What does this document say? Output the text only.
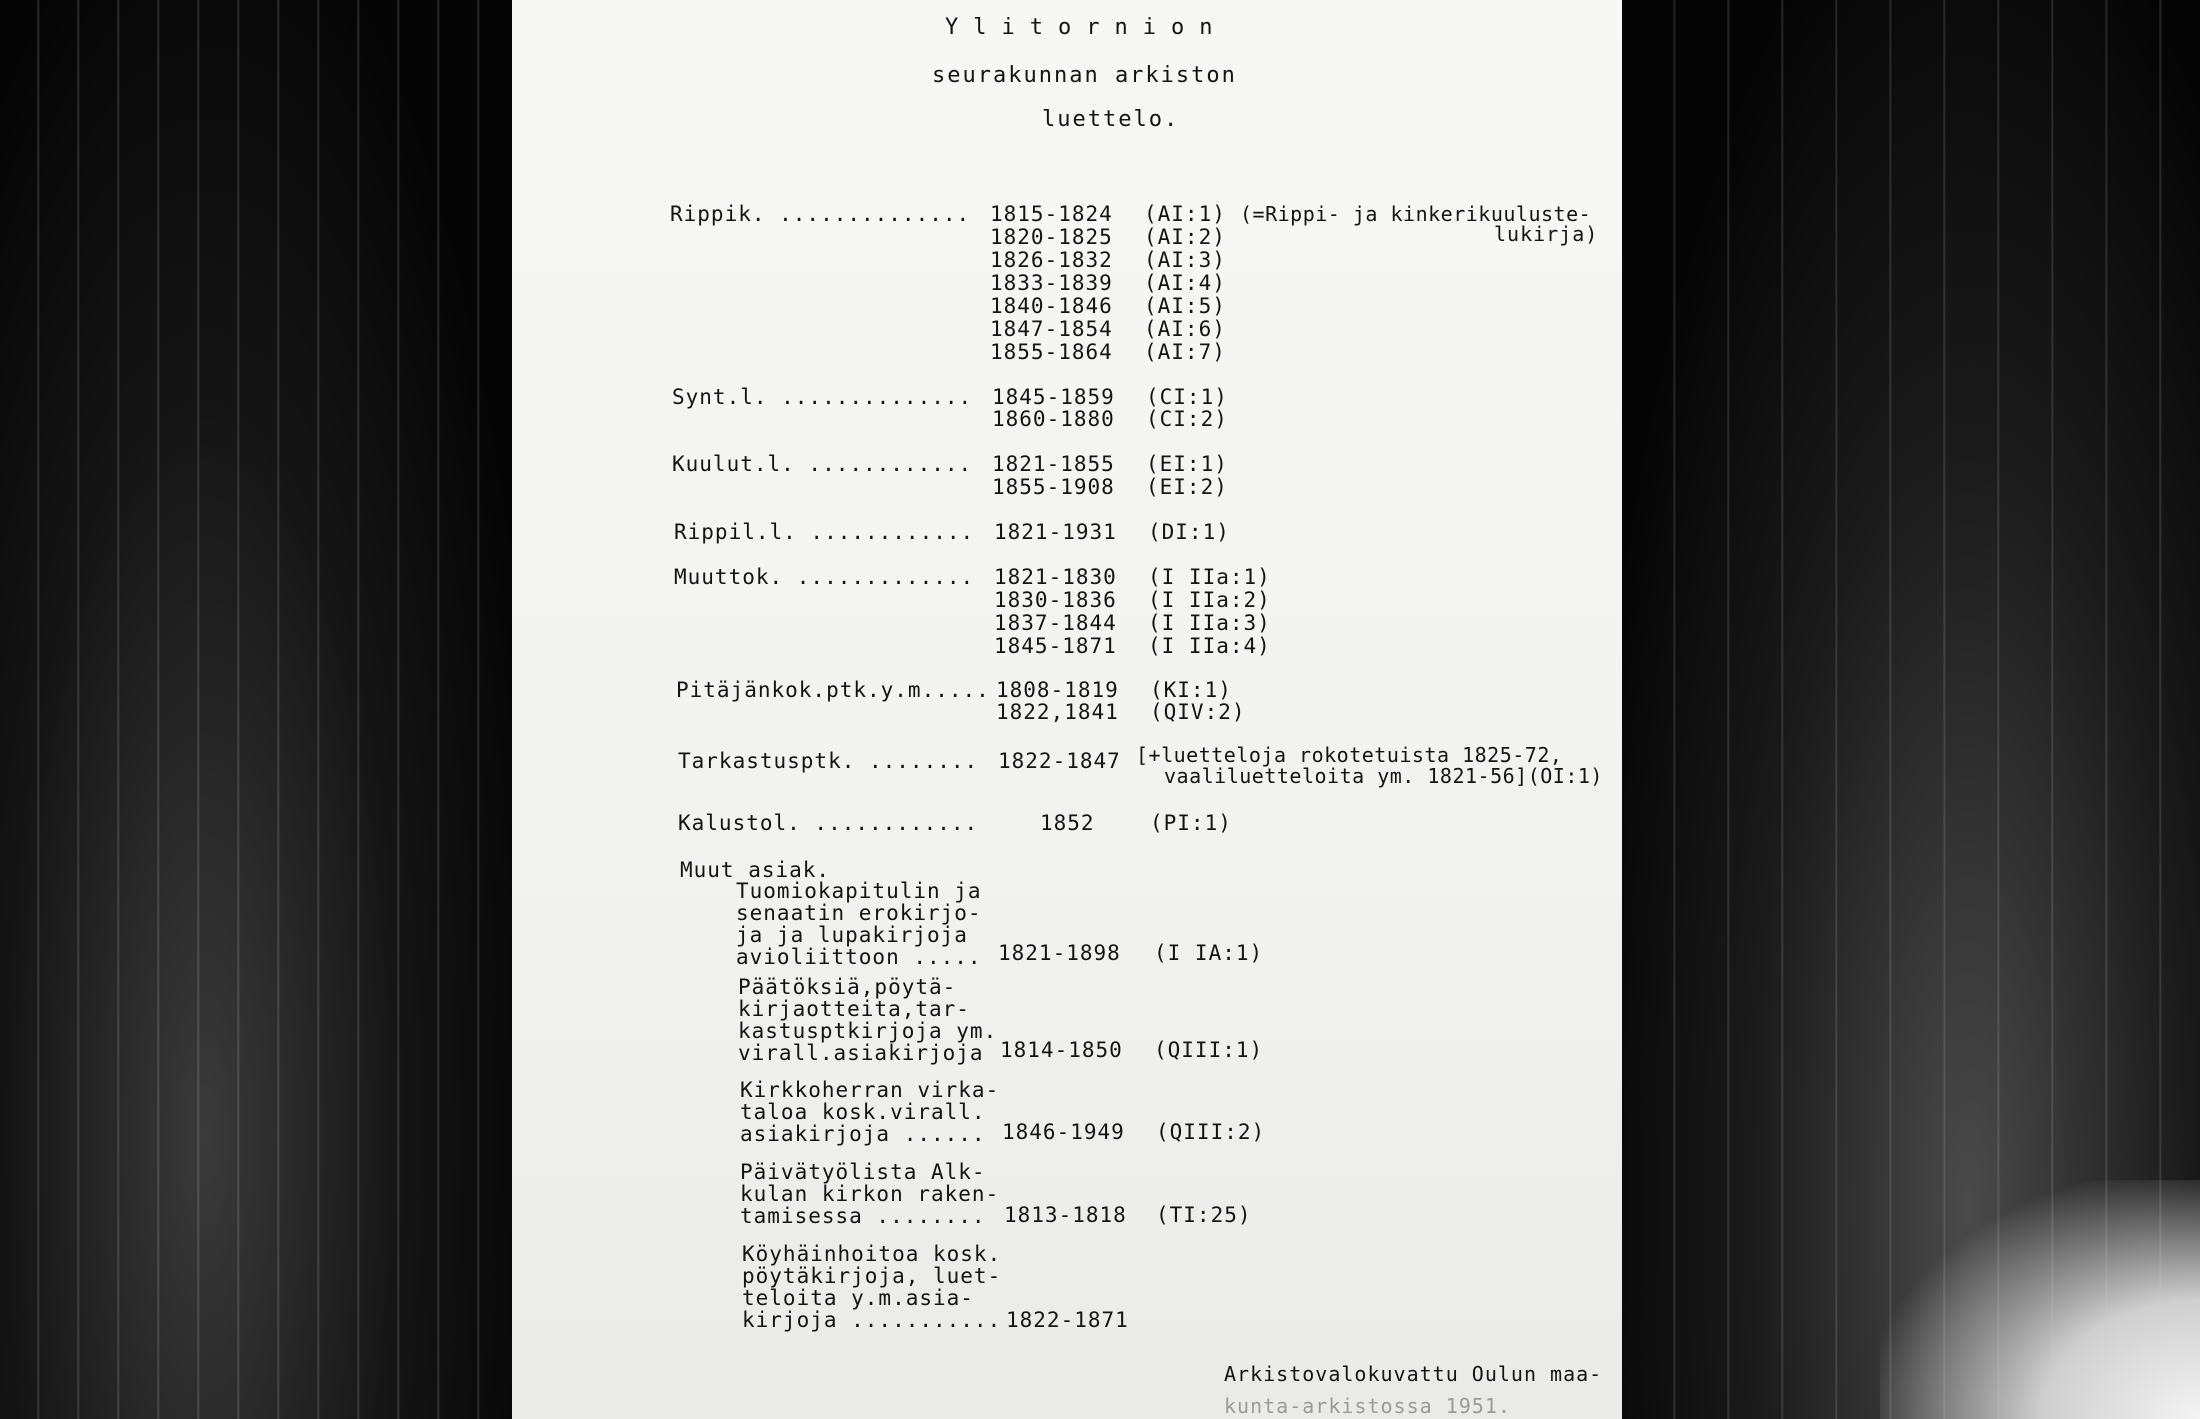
Ylitornion
seurakunnan arkiston
luettelo.
Rippik. .............. 1815-1824
1820-1825
1826-1832
1833-1839
1840-1846
1847-1854
1855-1864
(AI:1)
(AI:2)
(AI:3)
(AI:4)
(AI:5)
(AI:6)
(AI:7)
(=Rippi- ja kinkerikuulustе-
lukirja)
Synt.l. .............. 1845-1859
1860-1880
(CI:1)
(CI:2)
Kuulut.l. ............ 1821-1855
1855-1908
(EI:1)
(EI:2)
Rippil.l. ............ 1821-1931 (DI:1)
Muuttok. ............. 1821-1830
1830-1836
1837-1844
1845-1871
(I IIa:1)
(I IIa:2)
(I IIa:3)
(I IIa:4)
Pitäjänkok.ptk.y.m..... 1808-1819
1822,1841
(KI:1)
(QIV:2)
Tarkastusptk. ........ 1822-1847 [+luetteloja rokotetuista 1825-72,
vaaliluetteloita ym. 1821-56](OI:1)
Kalustol. ............	1852	(PI:1)
Muut asiak.
Tuomiokapitulin ja
senaatin erokirjo-
ja ja lupakirjoja
avioliittoon ..... 1821-1898 (I IA:1)
Päätöksiä,pöytä-
kirjaotteita,tar-
kastusptkirjoja ym.
virall.asiakirjoja 1814-1850 (QIII:1)
Kirkkoherran virka-
taloa kosk.virall.
asiakirjoja ...... 1846-1949 (QIII:2)
Päivätyölista Alk-
kulan kirkon raken-
tamisessa ........ 1813-1818 (TI:25)
Köyhäinhoitoa kosk.
pöytäkirjoja, luet-
teloita y.m.asia-
kirjoja ........... 1822-1871
Arkistovalokuvattu Oulun maa-
kunta-arkistossa 1951.
